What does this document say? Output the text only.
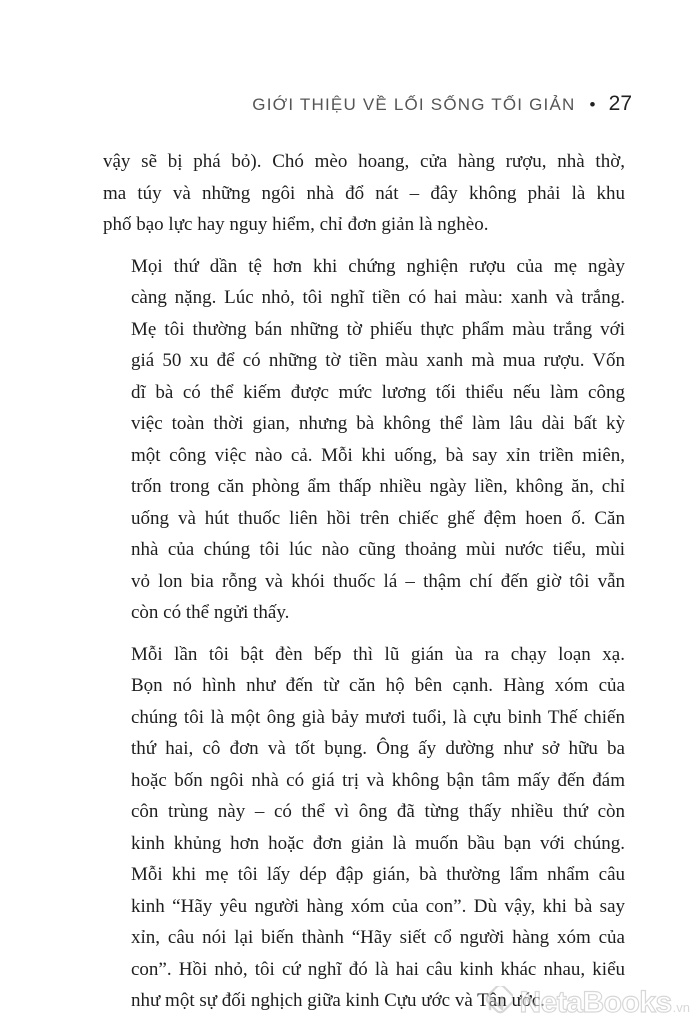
GIỚI THIỆU VỀ LỐI SỐNG TỐI GIẢN • 27

vậy sẽ bị phá bỏ). Chó mèo hoang, cửa hàng rượu, nhà thờ,
ma túy và những ngôi nhà đổ nát – đây không phải là khu
phố bạo lực hay nguy hiểm, chỉ đơn giản là nghèo.

Mọi thứ dần tệ hơn khi chứng nghiện rượu của mẹ ngày
càng nặng. Lúc nhỏ, tôi nghĩ tiền có hai màu: xanh và trắng.
Mẹ tôi thường bán những tờ phiếu thực phẩm màu trắng với
giá 50 xu để có những tờ tiền màu xanh mà mua rượu. Vốn
dĩ bà có thể kiếm được mức lương tối thiểu nếu làm công
việc toàn thời gian, nhưng bà không thể làm lâu dài bất kỳ
một công việc nào cả. Mỗi khi uống, bà say xỉn triền miên,
trốn trong căn phòng ẩm thấp nhiều ngày liền, không ăn, chỉ
uống và hút thuốc liên hồi trên chiếc ghế đệm hoen ố. Căn
nhà của chúng tôi lúc nào cũng thoảng mùi nước tiểu, mùi
vỏ lon bia rỗng và khói thuốc lá – thậm chí đến giờ tôi vẫn
còn có thể ngửi thấy.

Mỗi lần tôi bật đèn bếp thì lũ gián ùa ra chạy loạn xạ.
Bọn nó hình như đến từ căn hộ bên cạnh. Hàng xóm của
chúng tôi là một ông già bảy mươi tuổi, là cựu binh Thế chiến
thứ hai, cô đơn và tốt bụng. Ông ấy dường như sở hữu ba
hoặc bốn ngôi nhà có giá trị và không bận tâm mấy đến đám
côn trùng này – có thể vì ông đã từng thấy nhiều thứ còn
kinh khủng hơn hoặc đơn giản là muốn bầu bạn với chúng.
Mỗi khi mẹ tôi lấy dép đập gián, bà thường lẩm nhẩm câu
kinh “Hãy yêu người hàng xóm của con”. Dù vậy, khi bà say
xỉn, câu nói lại biến thành “Hãy siết cổ người hàng xóm của
con”. Hồi nhỏ, tôi cứ nghĩ đó là hai câu kinh khác nhau, kiểu
như một sự đối nghịch giữa kinh Cựu ước và Tân ước.

NetaBooks .vn
